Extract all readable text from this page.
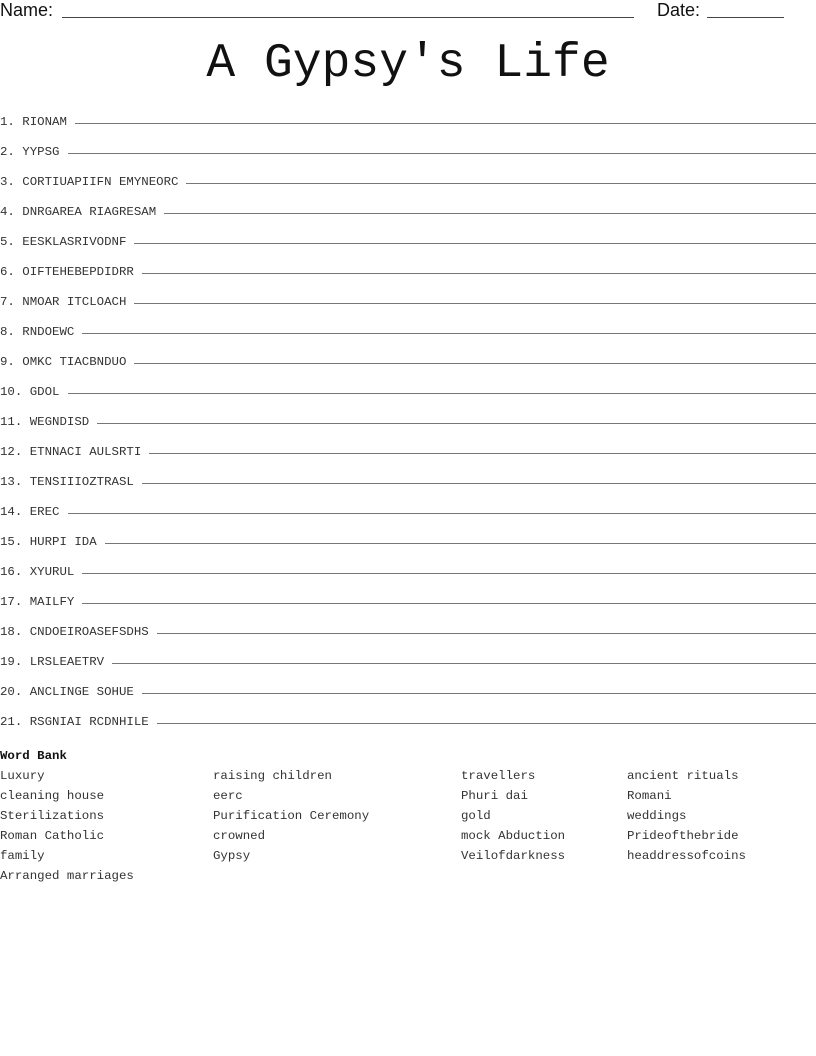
Name:	Date:
A Gypsy's Life
1. RIONAM
2. YYPSG
3. CORTIUAPIIFN EMYNEORC
4. DNRGAREA RIAGRESAM
5. EESKLASRIVODNF
6. OIFTEHEBEPDIDRR
7. NMOAR ITCLOACH
8. RNDOEWC
9. OMKC TIACBNDUO
10. GDOL
11. WEGNDISD
12. ETNNACI AULSRTI
13. TENSIIIOZTRASL
14. EREC
15. HURPI IDA
16. XYURUL
17. MAILFY
18. CNDOEIROASEFSDHS
19. LRSLEAETRV
20. ANCLINGE SOHUE
21. RSGNIAI RCDNHILE
Word Bank
Luxury	raising children	travellers	ancient rituals
cleaning house	eerc	Phuri dai	Romani
Sterilizations	Purification Ceremony	gold	weddings
Roman Catholic	crowned	mock Abduction	Prideofthebride
family	Gypsy	Veilofdarkness	headdressofcoins
Arranged marriages
